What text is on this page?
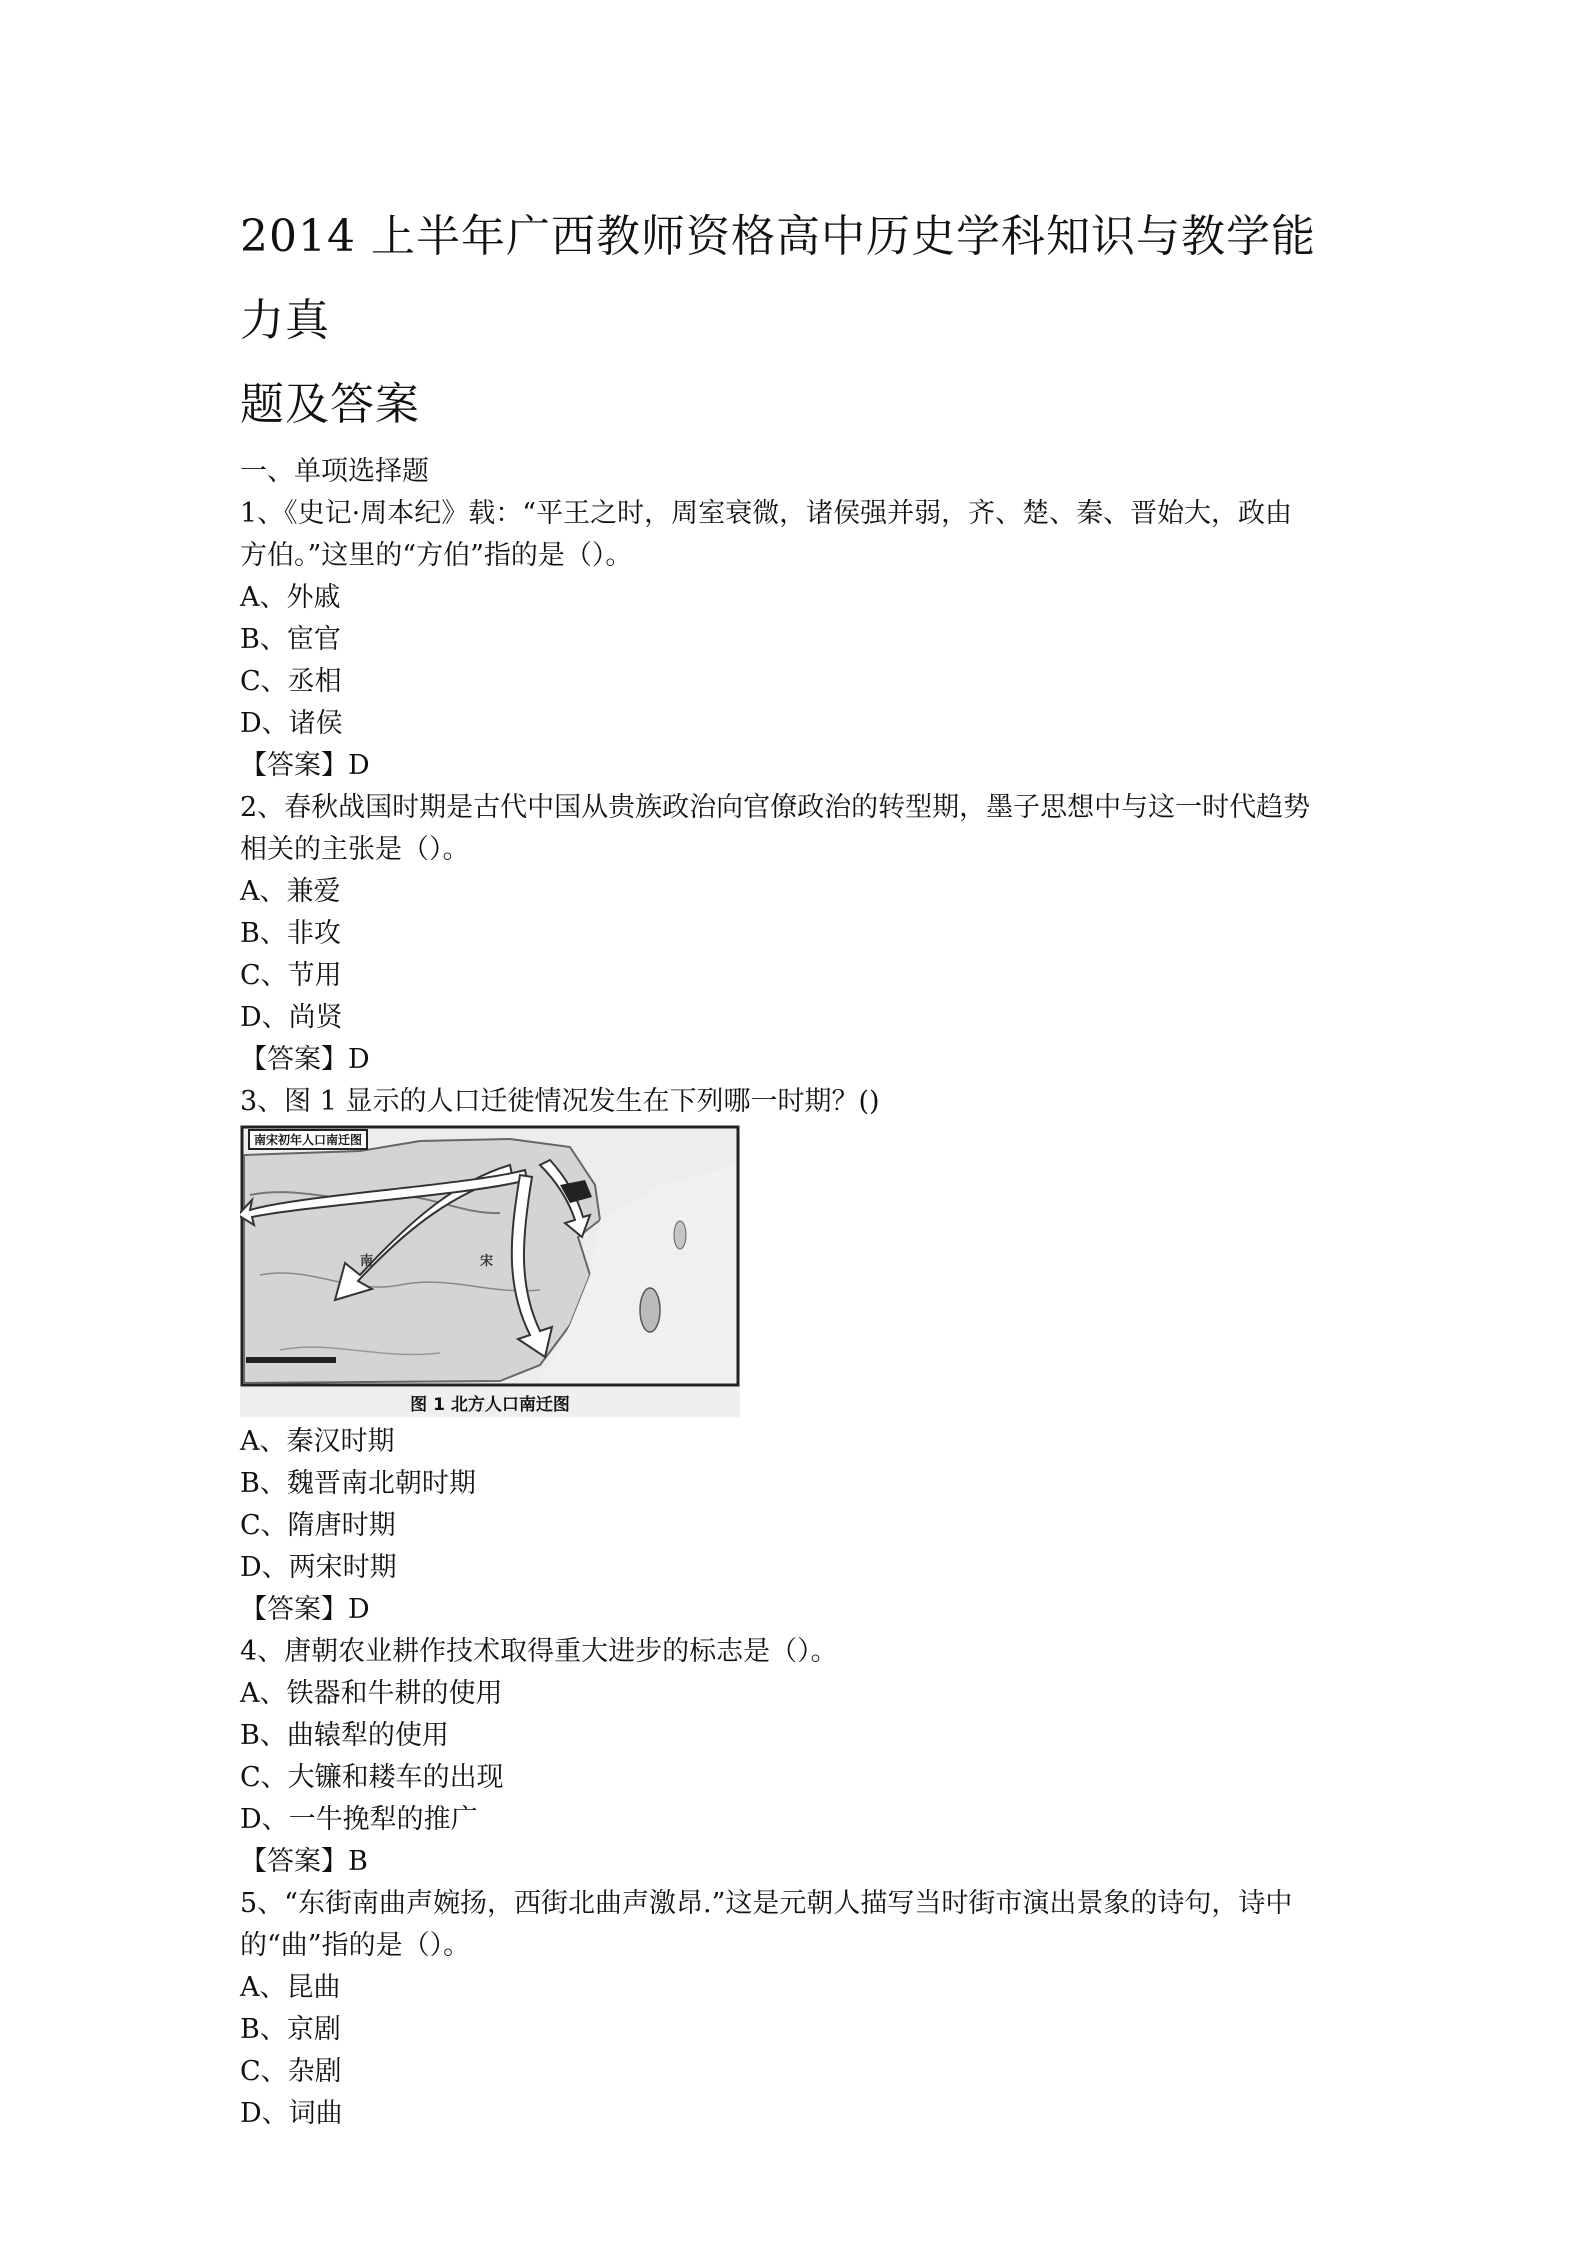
2014 上半年广西教师资格高中历史学科知识与教学能力真
题及答案

一、单项选择题

1、《史记·周本纪》载：“平王之时，周室衰微，诸侯强并弱，齐、楚、秦、晋始大，政由

方伯。”这里的“方伯”指的是（）。

A、外戚

B、宦官

C、丞相

D、诸侯

【答案】D

2、春秋战国时期是古代中国从贵族政治向官僚政治的转型期，墨子思想中与这一时代趋势

相关的主张是（）。

A、兼爱

B、非攻

C、节用

D、尚贤

【答案】D

3、图 1 显示的人口迁徙情况发生在下列哪一时期？()

南	宋
南宋初年人口南迁图
图 1 北方人口南迁图

A、秦汉时期

B、魏晋南北朝时期

C、隋唐时期

D、两宋时期

【答案】D

4、唐朝农业耕作技术取得重大进步的标志是（）。

A、铁器和牛耕的使用

B、曲辕犁的使用

C、大镰和耧车的出现

D、一牛挽犁的推广

【答案】B

5、“东街南曲声婉扬，西街北曲声激昂.”这是元朝人描写当时街市演出景象的诗句，诗中

的“曲”指的是（）。

A、昆曲

B、京剧

C、杂剧

D、词曲
